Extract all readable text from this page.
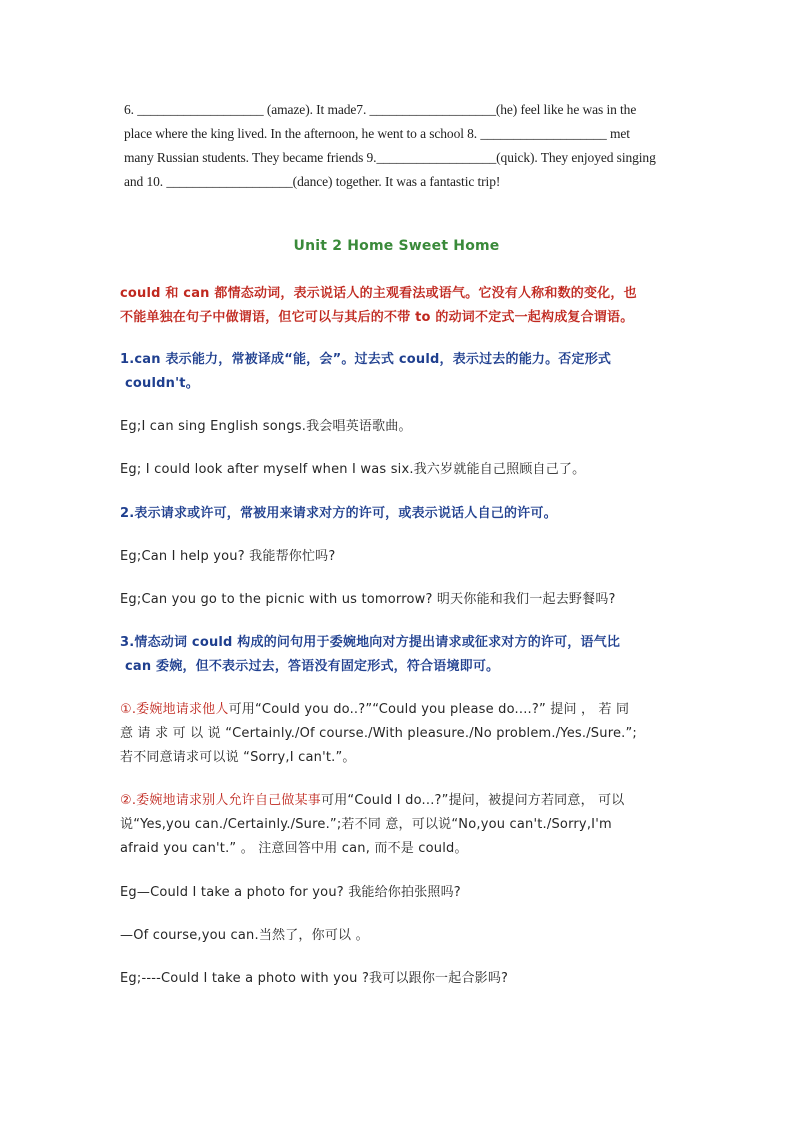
6. ___________________ (amaze). It made7. ___________________(he) feel like he was in the
place where the king lived. In the afternoon, he went to a school 8. ___________________ met
many Russian students. They became friends 9.__________________(quick). They enjoyed singing
and 10. ___________________(dance) together. It was a fantastic trip!
Unit 2 Home Sweet Home
could 和 can 都情态动词，表示说话人的主观看法或语气。它没有人称和数的变化，也
不能单独在句子中做谓语，但它可以与其后的不带 to 的动词不定式一起构成复合谓语。
1.can 表示能力，常被译成“能，会”。过去式 could，表示过去的能力。否定形式
couldn't。
Eg;I can sing English songs.我会唱英语歌曲。
Eg; I could look after myself when I was six.我六岁就能自己照顾自己了。
2.表示请求或许可，常被用来请求对方的许可，或表示说话人自己的许可。
Eg;Can I help you? 我能帮你忙吗?
Eg;Can you go to the picnic with us tomorrow? 明天你能和我们一起去野餐吗?
3.情态动词 could 构成的问句用于委婉地向对方提出请求或征求对方的许可，语气比
can 委婉，但不表示过去，答语没有固定形式，符合语境即可。
①.委婉地请求他人可用“Could you do..?”“Could you please do....?” 提问 ， 若 同
意 请 求 可 以 说 “Certainly./Of course./With pleasure./No problem./Yes./Sure.”;
若不同意请求可以说 “Sorry,I can't.”。
②.委婉地请求别人允许自己做某事可用“Could I do...?”提问，被提问方若同意， 可以
说“Yes,you can./Certainly./Sure.”;若不同 意，可以说“No,you can't./Sorry,I'm
afraid you can't.” 。 注意回答中用 can, 而不是 could。
Eg—Could I take a photo for you? 我能给你拍张照吗?
—Of course,you can.当然了，你可以 。
Eg;----Could I take a photo with you ?我可以跟你一起合影吗?
